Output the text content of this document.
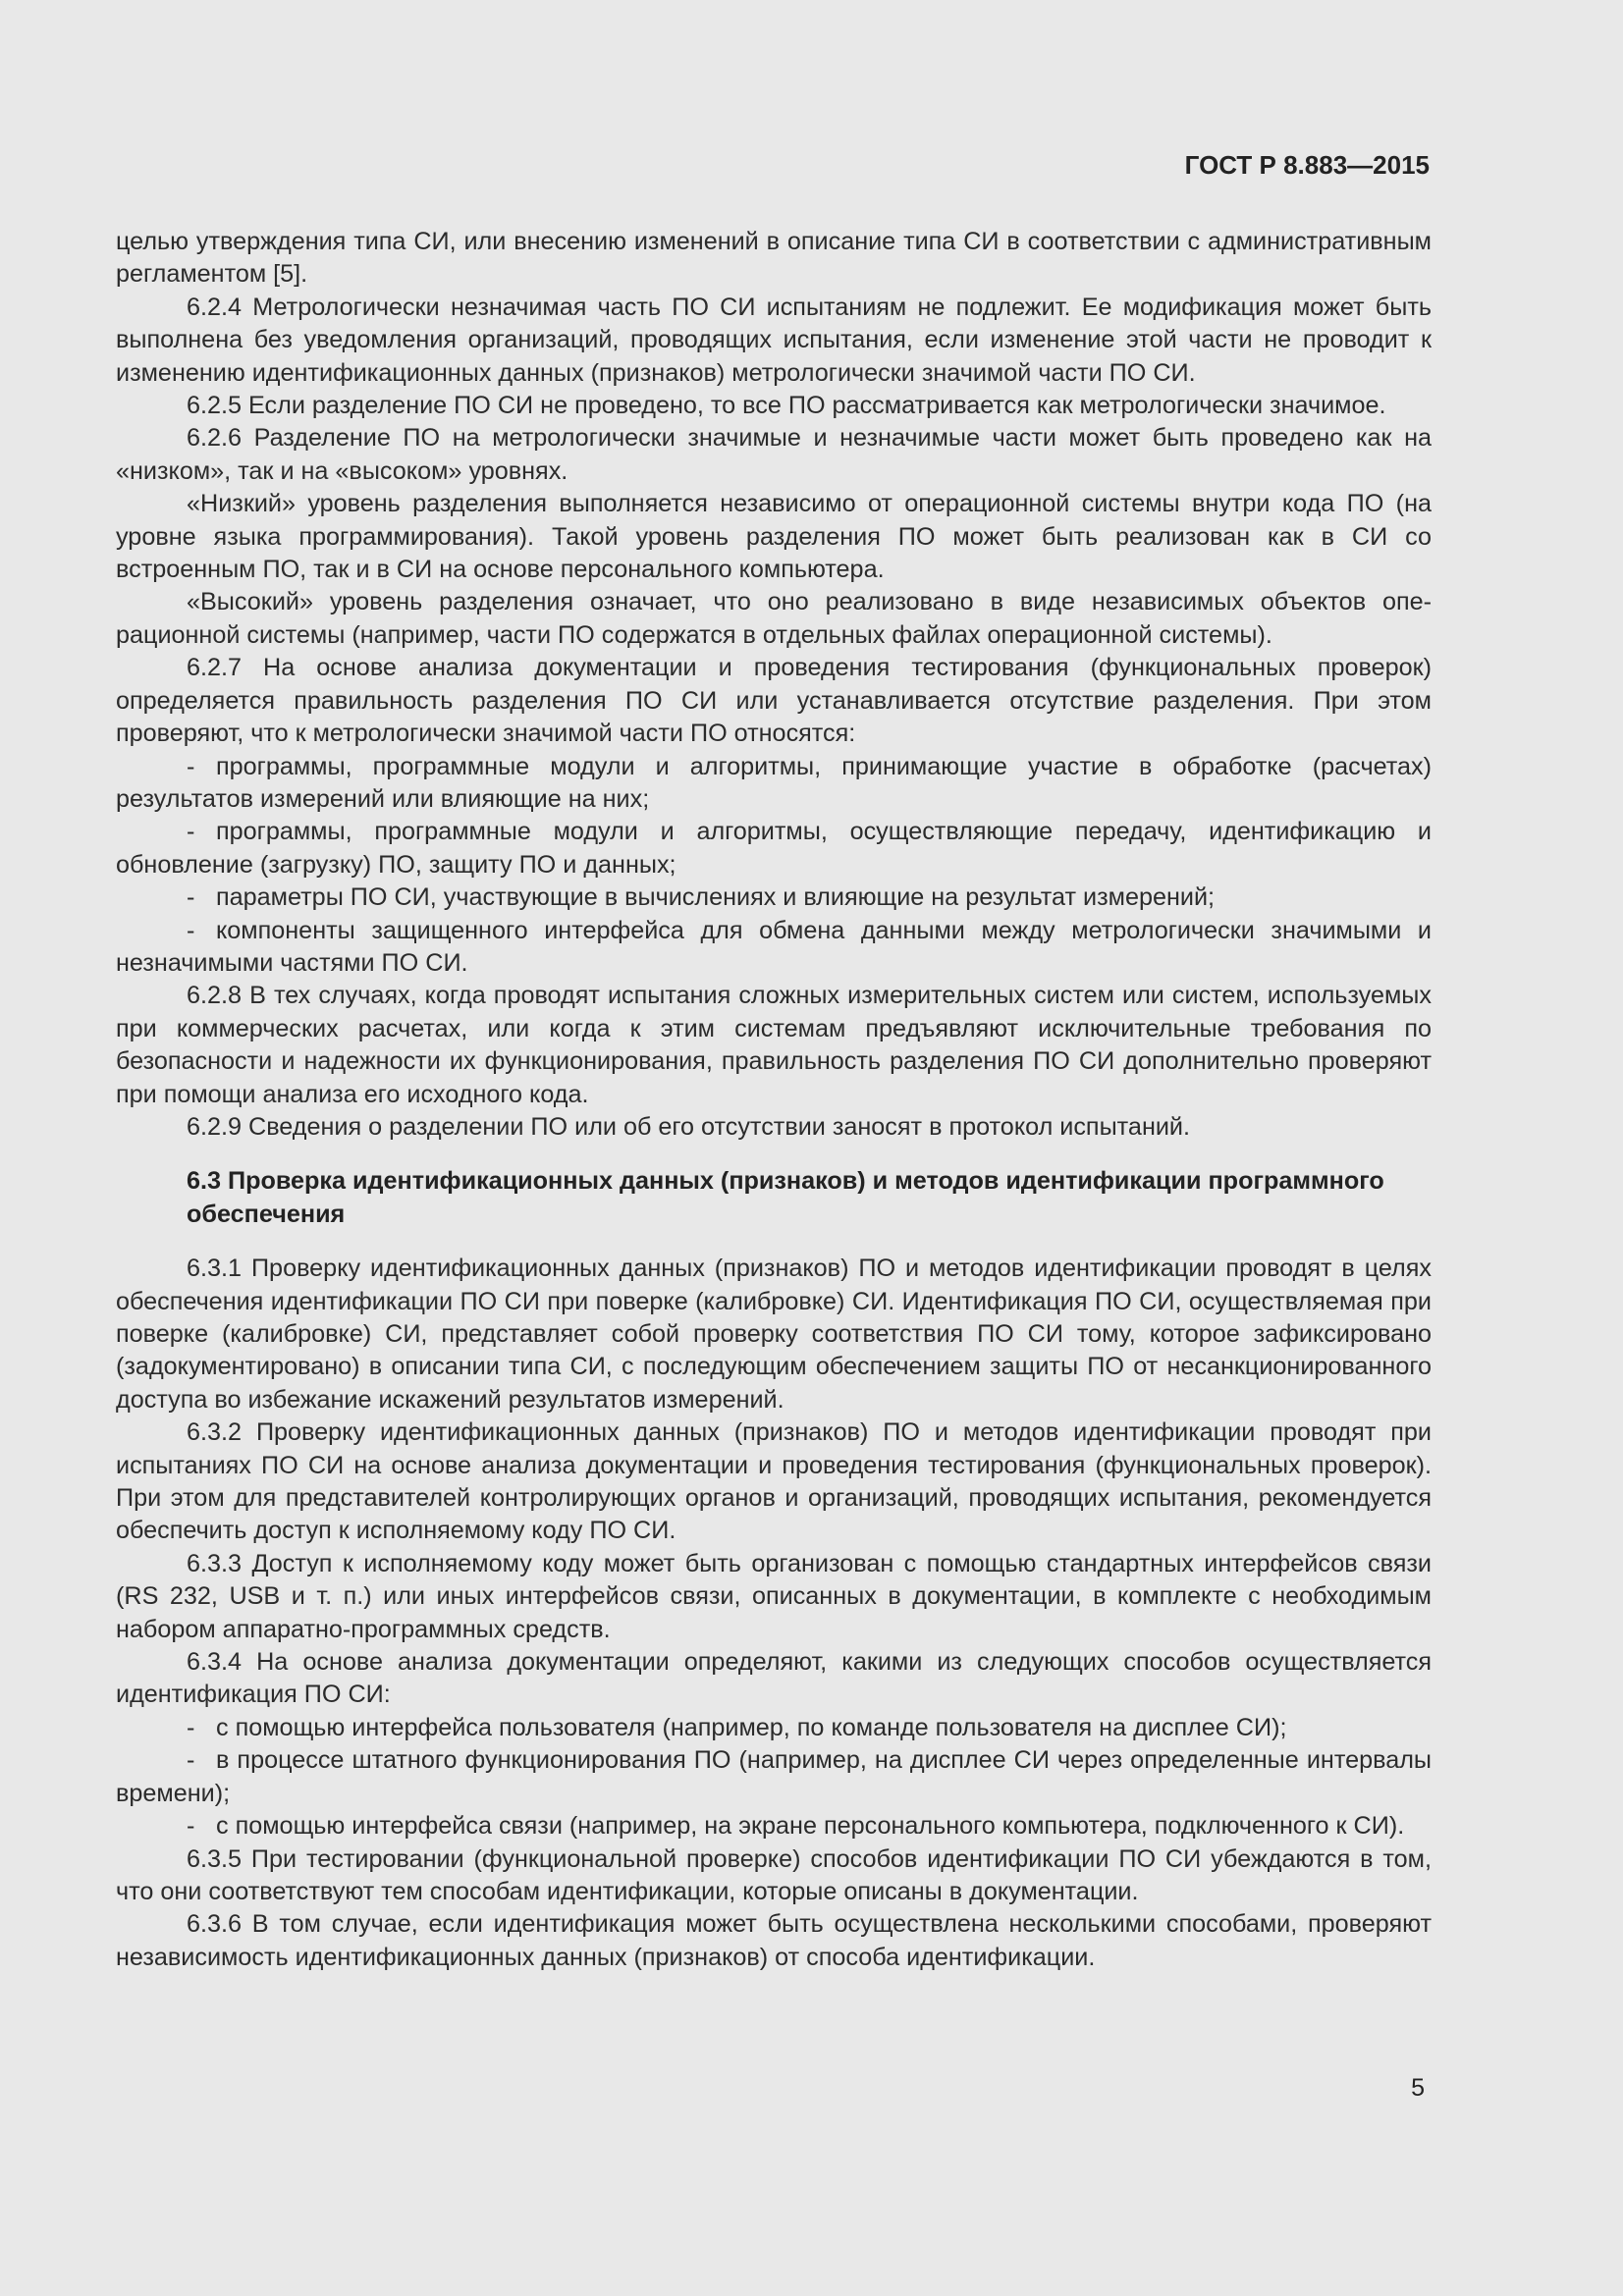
ГОСТ Р 8.883—2015

целью утверждения типа СИ, или внесению изменений в описание типа СИ в соответствии с административным регламентом [5].

6.2.4 Метрологически незначимая часть ПО СИ испытаниям не подлежит. Ее модификация может быть выполнена без уведомления организаций, проводящих испытания, если изменение этой части не проводит к изменению идентификационных данных (признаков) метрологически значимой части ПО СИ.

6.2.5 Если разделение ПО СИ не проведено, то все ПО рассматривается как метрологически значимое.

6.2.6 Разделение ПО на метрологически значимые и незначимые части может быть проведено как на «низком», так и на «высоком» уровнях.

«Низкий» уровень разделения выполняется независимо от операционной системы внутри кода ПО (на уровне языка программирования). Такой уровень разделения ПО может быть реализован как в СИ со встроенным ПО, так и в СИ на основе персонального компьютера.

«Высокий» уровень разделения означает, что оно реализовано в виде независимых объектов операционной системы (например, части ПО содержатся в отдельных файлах операционной системы).

6.2.7 На основе анализа документации и проведения тестирования (функциональных проверок) определяется правильность разделения ПО СИ или устанавливается отсутствие разделения. При этом проверяют, что к метрологически значимой части ПО относятся:

- программы, программные модули и алгоритмы, принимающие участие в обработке (расчетах) результатов измерений или влияющие на них;

- программы, программные модули и алгоритмы, осуществляющие передачу, идентификацию и обновление (загрузку) ПО, защиту ПО и данных;

- параметры ПО СИ, участвующие в вычислениях и влияющие на результат измерений;

- компоненты защищенного интерфейса для обмена данными между метрологически значимыми и незначимыми частями ПО СИ.

6.2.8 В тех случаях, когда проводят испытания сложных измерительных систем или систем, используемых при коммерческих расчетах, или когда к этим системам предъявляют исключительные требования по безопасности и надежности их функционирования, правильность разделения ПО СИ дополнительно проверяют при помощи анализа его исходного кода.

6.2.9 Сведения о разделении ПО или об его отсутствии заносят в протокол испытаний.

6.3 Проверка идентификационных данных (признаков) и методов идентификации программного обеспечения

6.3.1 Проверку идентификационных данных (признаков) ПО и методов идентификации проводят в целях обеспечения идентификации ПО СИ при поверке (калибровке) СИ. Идентификация ПО СИ, осуществляемая при поверке (калибровке) СИ, представляет собой проверку соответствия ПО СИ тому, которое зафиксировано (задокументировано) в описании типа СИ, с последующим обеспечением защиты ПО от несанкционированного доступа во избежание искажений результатов измерений.

6.3.2 Проверку идентификационных данных (признаков) ПО и методов идентификации проводят при испытаниях ПО СИ на основе анализа документации и проведения тестирования (функциональных проверок). При этом для представителей контролирующих органов и организаций, проводящих испытания, рекомендуется обеспечить доступ к исполняемому коду ПО СИ.

6.3.3 Доступ к исполняемому коду может быть организован с помощью стандартных интерфейсов связи (RS 232, USB и т. п.) или иных интерфейсов связи, описанных в документации, в комплекте с необходимым набором аппаратно-программных средств.

6.3.4 На основе анализа документации определяют, какими из следующих способов осуществляется идентификация ПО СИ:

- с помощью интерфейса пользователя (например, по команде пользователя на дисплее СИ);

- в процессе штатного функционирования ПО (например, на дисплее СИ через определенные интервалы времени);

- с помощью интерфейса связи (например, на экране персонального компьютера, подключенного к СИ).

6.3.5 При тестировании (функциональной проверке) способов идентификации ПО СИ убеждаются в том, что они соответствуют тем способам идентификации, которые описаны в документации.

6.3.6 В том случае, если идентификация может быть осуществлена несколькими способами, проверяют независимость идентификационных данных (признаков) от способа идентификации.

5
